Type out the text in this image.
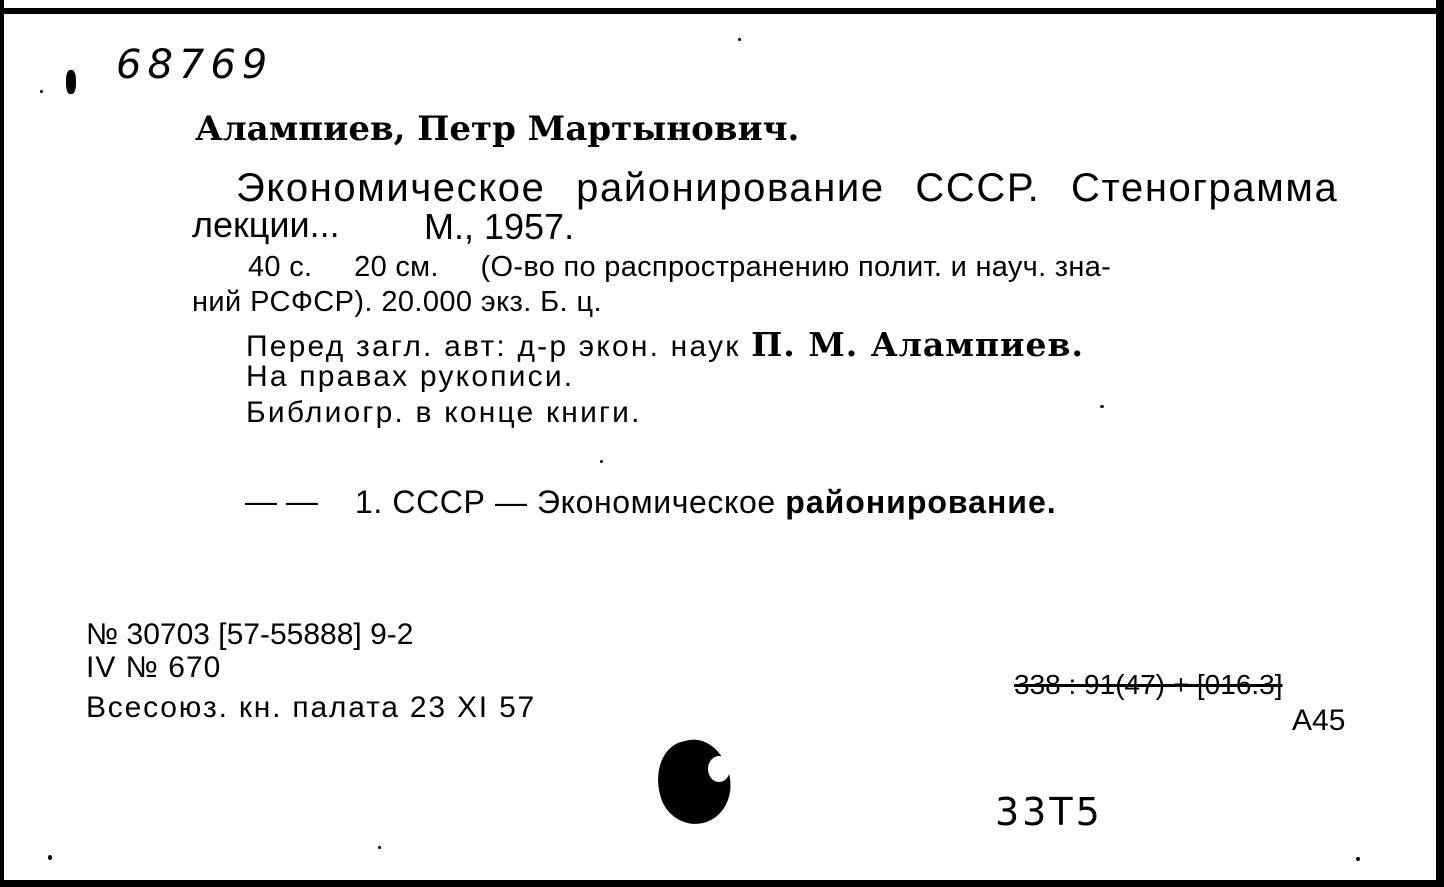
68769
Алампиев, Петр Мартынович.
Экономическое районирование СССР. Стенограмма
лекции... М., 1957.
40 с.     20 см.     (О-во по распространению полит. и науч. зна-
ний РСФСР). 20.000 экз. Б. ц.
Перед загл. авт: д-р экон. наук П. М. Алампиев.
На правах рукописи.
Библиогр. в конце книги.
— — 1. СССР — Экономическое районирование.
№ 30703 [57-55888] 9-2
IV № 670
Всесоюз. кн. палата 23 XI 57
338 : 91(47) + [016.3]
А45
33Т5
